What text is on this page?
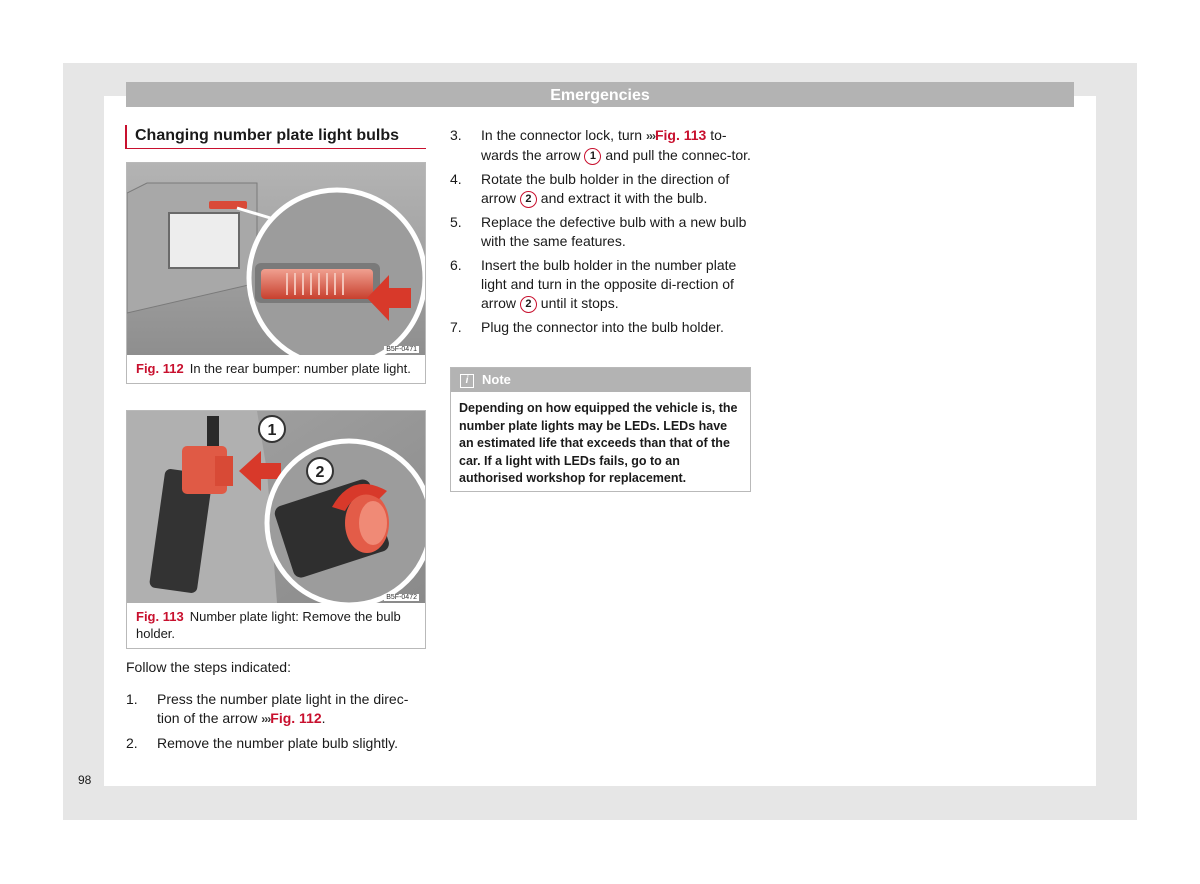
Emergencies
Changing number plate light bulbs
B5F-0471
Fig. 112 In the rear bumper: number plate light.
1
2
B5F-0472
Fig. 113 Number plate light: Remove the bulb holder.
Follow the steps indicated:
1. Press the number plate light in the direc-tion of the arrow ›››Fig. 112.
2. Remove the number plate bulb slightly.
3. In the connector lock, turn ›››Fig. 113 to-wards the arrow 1 and pull the connec-tor.
4. Rotate the bulb holder in the direction of arrow 2 and extract it with the bulb.
5. Replace the defective bulb with a new bulb with the same features.
6. Insert the bulb holder in the number plate light and turn in the opposite di-rection of arrow 2 until it stops.
7. Plug the connector into the bulb holder.
i Note
Depending on how equipped the vehicle is, the number plate lights may be LEDs. LEDs have an estimated life that exceeds than that of the car. If a light with LEDs fails, go to an authorised workshop for replacement.
98
